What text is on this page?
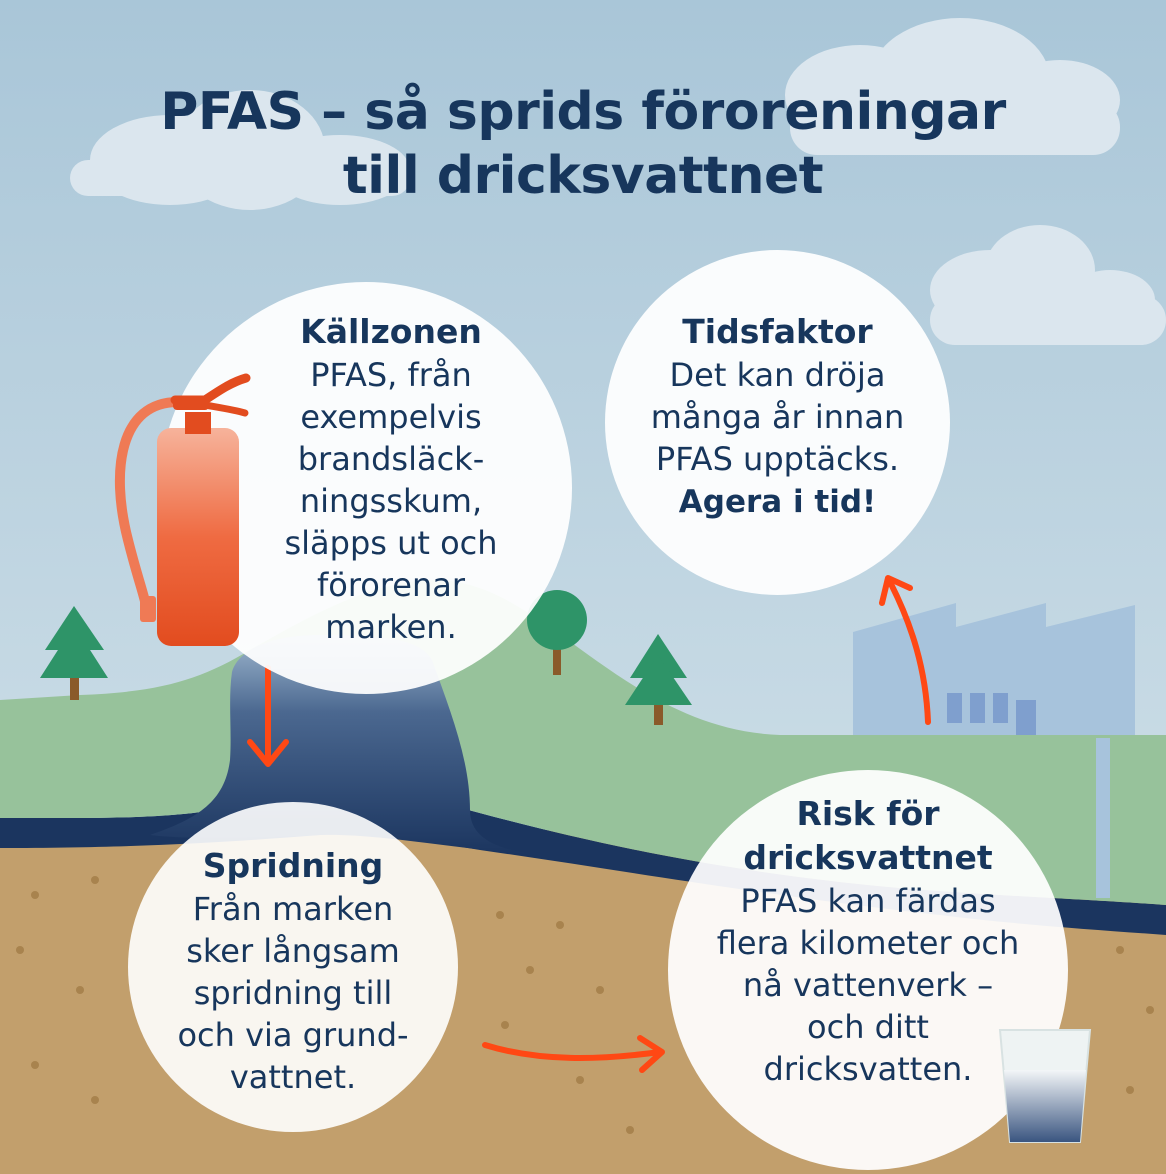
PFAS – så sprids föroreningar
till dricksvattnet
Källzonen
PFAS, från
exempelvis
brandsläck-
ningsskum,
släpps ut och
förorenar
marken.
Tidsfaktor
Det kan dröja
många år innan
PFAS upptäcks.
Agera i tid!
Spridning
Från marken
sker långsam
spridning till
och via grund-
vattnet.
Risk för
dricksvattnet
PFAS kan färdas
flera kilometer och
nå vattenverk –
och ditt
dricksvatten.
